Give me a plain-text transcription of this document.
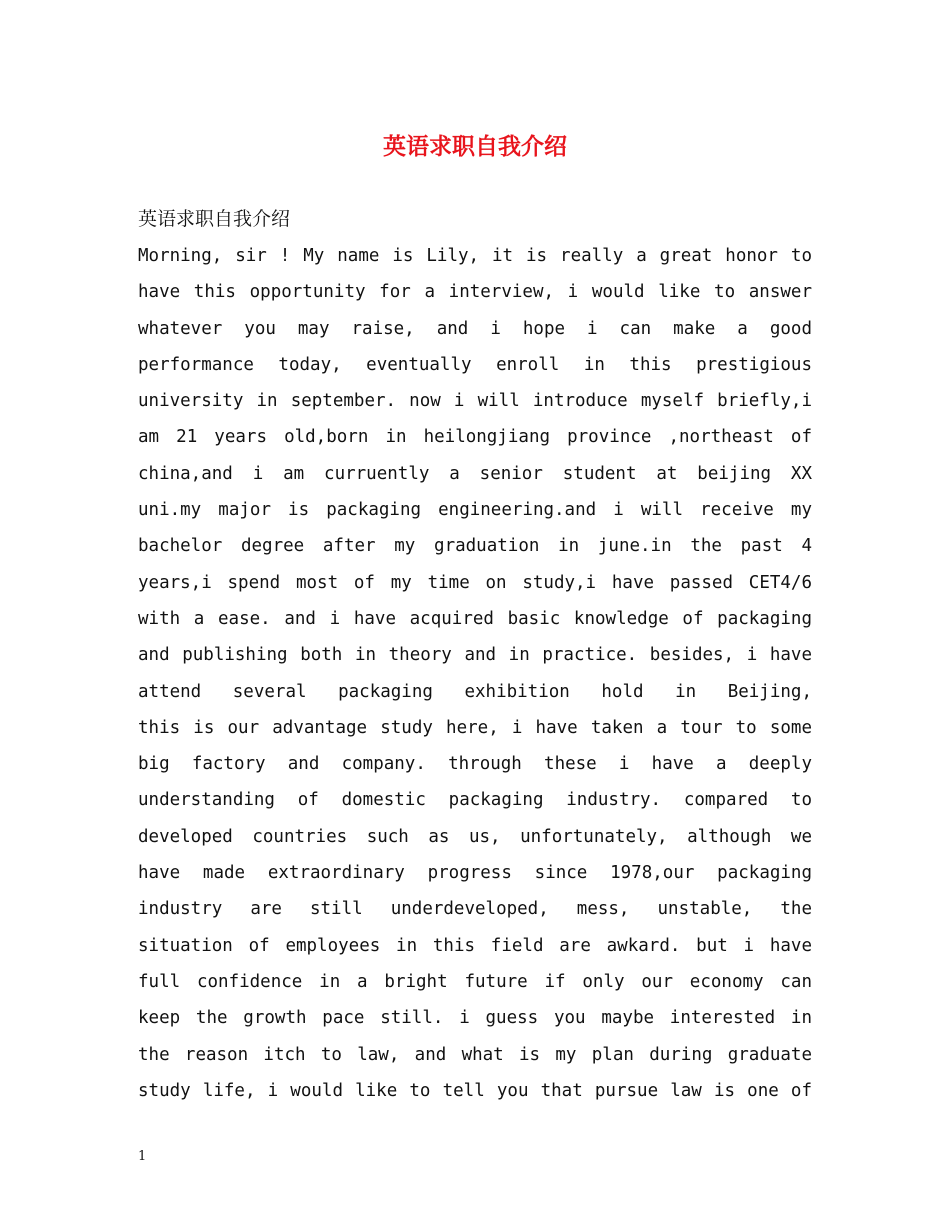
英语求职自我介绍

英语求职自我介绍

Morning, sir ! My name is Lily, it is really a great honor to
have this opportunity for a interview, i would like to answer
whatever you may raise, and i hope i can make a good
performance today, eventually enroll in this prestigious
university in september. now i will introduce myself briefly,i
am 21 years old,born in heilongjiang province ,northeast of
china,and i am curruently a senior student at beijing XX
uni.my major is packaging engineering.and i will receive my
bachelor degree after my graduation in june.in the past 4
years,i spend most of my time on study,i have passed CET4/6
with a ease. and i have acquired basic knowledge of packaging
and publishing both in theory and in practice. besides, i have
attend several packaging exhibition hold in Beijing,
this is our advantage study here, i have taken a tour to some
big factory and company. through these i have a deeply
understanding of domestic packaging industry. compared to
developed countries such as us, unfortunately, although we
have made extraordinary progress since 1978,our packaging
industry are still underdeveloped, mess, unstable, the
situation of employees in this field are awkard. but i have
full confidence in a bright future if only our economy can
keep the growth pace still. i guess you maybe interested in
the reason itch to law, and what is my plan during graduate
study life, i would like to tell you that pursue law is one of
1
